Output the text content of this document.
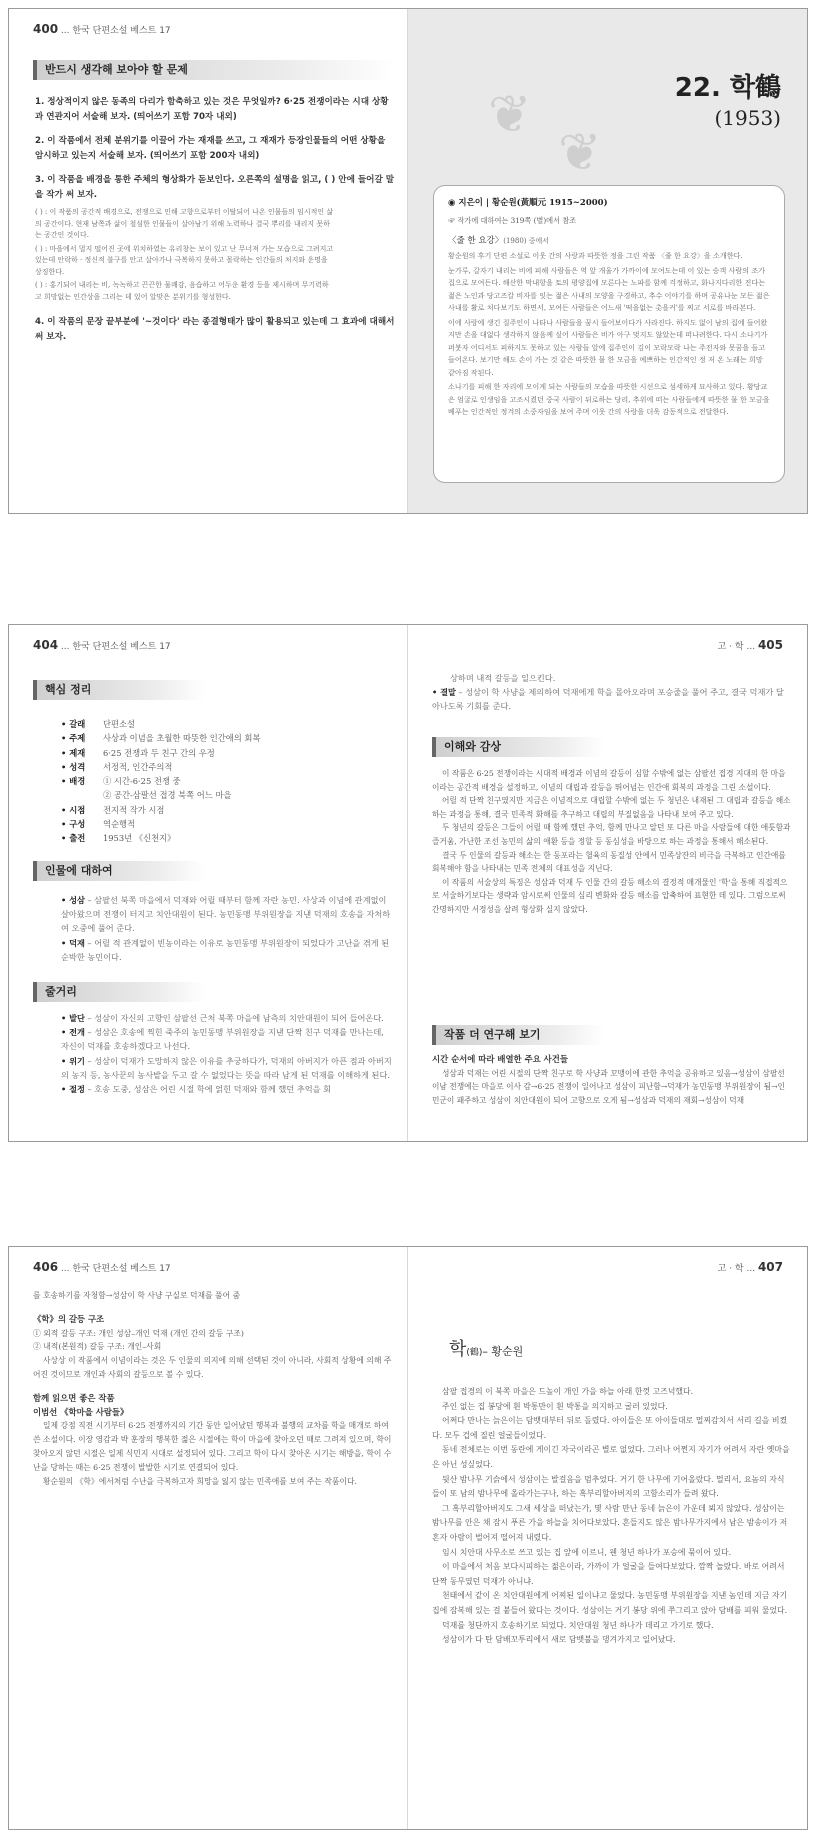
400 ... 한국 단편소설 베스트 17
반드시 생각해 보아야 할 문제
1. 정상적이지 않은 동족의 다리가 함축하고 있는 것은 무엇일까? 6·25 전쟁이라는 시대 상황과 연관지어 서술해 보자. (띄어쓰기 포함 70자 내외)
2. 이 작품에서 전체 분위기를 이끌어 가는 재재를 쓰고, 그 재재가 등장인물들의 어떤 상황을 암시하고 있는지 서술해 보자. (띄어쓰기 포함 200자 내외)
3. 이 작품을 배경을 통한 주체의 형상화가 돋보인다. 오른쪽의 설명을 읽고, ( ) 안에 들어갈 말을 작가 써 보자.
( ) : 이 작품의 공간적 배경으로, 전쟁으로 인해 고향으로부터 이탈되어 나온 인물들의 임시적인 삶의 공간이다. 현재 남쪽과 삶이 철심한 인물들이 살아남기 위해 노력하나 결국 뿌리를 내리지 못하는 공간인 것이다.
( ) : 마을에서 멀지 떨어진 곳에 위치하였는 유리창는 보이 있고 난 무너져 가는 모습으로 그려지고 있는데 안락하 · 정신적 불구를 안고 살아가나 극복하지 못하고 몰락하는 인간들의 처지와 운명을 상징한다.
( ) : 홍기되어 내리는 비, 녹녹하고 끈끈한 물쾌감, 음습하고 어두운 환경 등을 제시하며 무기력하고 희망없는 인간상을 그리는 데 있어 알맞은 분위기를 형성한다.
4. 이 작품의 문장 끝부분에 '~것이다' 라는 종결형태가 많이 활용되고 있는데 그 효과에 대해서 써 보자.
❦
❦
22. 학鶴
(1953)
◉ 지은이 | 황순원(黃順元 1915~2000)
☞ 작가에 대하여는 319쪽 (별)에서 참조
〈줄 한 요강〉(1980) 중에서
황순원의 후기 단편 소설로 이웃 간의 사랑과 따뜻한 정을 그린 작품 〈줄 한 요강〉을 소개한다.
눈가루, 갈자기 내리는 비에 피해 사람들은 역 앞 개울가 가까이에 모여도는데 이 있는 승객 사람의 조가집으로 모여든다. 해산한 막내항을 토의 평양집에 모른다는 노파를 함께 걱정하고, 화나지다리한 진다는 젊은 노인과 당고즈칼 비자를 잇는 젊은 사내의 모양을 구경하고, 추수 이야기를 하며 공유나눈 모든 젊은 사내를 활로 처다보기도 하면서, 모여든 사람들은 어느새 '떡을없는 촛을커'를 찌고 서로를 바라본다.
이에 사랑에 생긴 질주인이 나타나 사람들을 꿈시 들어보이다가 사라진다. 하지도 없이 남의 집에 들어왔지만 손을 대없다 생각하지 않음께 싶어 사람들은 비가 아구 멎지도 않았는데 떠나려한다. 다시 소나기가 퍼붓자 어디서도 피하지도 못하고 있는 사람들 앞에 집주인이 김이 모락모락 나는 주전자와 못꿈을 들고 들어온다. 보기만 해도 손이 가는 것 같은 따뜻한 물 한 모금을 예쁘하는 인간적인 정 저 온 노래는 희망 같아짐 작된다.
소나기를 피해 한 자리에 모이게 되는 사람들의 모습을 따뜻한 시선으로 섬세하게 묘사하고 있다. 황당교은 엄굴로 인생임을 고조시켰던 중국 사람이 뒤로하는 당리, 추위에 떠는 사람들에게 따뜻한 물 한 모금을 베푸는 인간적인 정겨의 소중자임을 보여 주며 이웃 간의 사랑을 더욱 감동적으로 전달한다.
404 ... 한국 단편소설 베스트 17
핵심 정리
• 갈래 단편소설
• 주제 사상과 이념을 초월한 따뜻한 인간애의 회복
• 제재 6·25 전쟁과 두 친구 간의 우정
• 성격 서정적, 인간주의적
• 배경 ① 시간-6·25 전쟁 중
② 공간-삼팔선 접경 북쪽 어느 마을
• 시점 전지적 작가 시점
• 구성 역순행적
• 출전 1953년 《신천지》
인물에 대하여
• 성삼 – 삼팔선 북쪽 마을에서 덕재와 어릴 때부터 함께 자란 농민. 사상과 이념에 관계없이 살아왔으며 전쟁이 터지고 치안대원이 된다. 농민동맹 부위원장을 지낸 덕재의 호송을 자처하여 오중에 풀어 준다.
• 덕재 – 어릴 적 관계없이 빈농이라는 이유로 농민동맹 부위원장이 되었다가 고난을 겪게 된 순박한 농민이다.
줄거리
• 발단 – 성삼이 자신의 고향인 삼팔선 근처 북쪽 마을에 남측의 치안대원이 되어 들어온다.
• 전개 – 성삼은 호송에 찍힌 죽주의 농민동맹 부위원장을 지낸 단짝 친구 덕재를 만나는데, 자신이 덕재를 호송하겠다고 나선다.
• 위기 – 성삼이 덕재가 도망하지 않은 이유를 추궁하다가, 덕재의 아버지가 아픈 점과 아버지의 농지 등, 농사꾼의 농사밭을 두고 갈 수 없었다는 뜻을 따라 남게 된 덕재를 이해하게 된다.
• 절정 – 호송 도중, 성삼은 어린 시절 학에 얽힌 덕재와 함께 했던 추억을 회
고 · 학 ... 405
상하며 내적 갈등을 일으킨다.
• 결말 – 성삼이 학 사냥을 제의하여 덕재에게 학을 몰아오라며 포승줄을 풀어 주고, 결국 덕재가 달아나도록 기회를 준다.
이해와 감상
이 작품은 6·25 전쟁이라는 시대적 배경과 이념의 갈등이 심할 수밖에 없는 삼팔선 접경 지대의 한 마을이라는 공간적 배경을 설정하고, 이념의 대립과 갈등을 뛰어넘는 인간애 회복의 과정을 그린 소설이다.
어릴 적 단짝 친구였지만 지금은 이념적으로 대립할 수밖에 없는 두 청년은 내재된 그 대립과 갈등을 해소하는 과정을 통해, 결국 민족적 화해를 추구하고 대립의 부질없음을 나타내 보여 주고 있다.
두 청년의 갈등은 그들이 어릴 때 함께 했던 추억, 함께 만나고 알던 또 다른 마을 사람들에 대한 애틋함과 즐거움, 가난한 조선 농민의 삶의 애환 등을 정할 등 동심성을 바탕으로 하는 과정을 통해서 해소된다.
결국 두 인물의 갈등과 해소는 한 동포라는 혈육의 동질성 안에서 민족상잔의 비극을 극복하고 인간애를 회복해야 함을 나타내는 민족 전체의 대표성을 지닌다.
이 작품의 서술상의 특징은 성삼과 덕재 두 인물 간의 갈등 해소의 결정적 매개물인 '학'을 통해 직접적으로 서술하기보다는 생략과 암시로써 인물의 심리 변화와 갈등 해소를 압축하여 표현한 데 있다. 그럼으로써 간명하지만 서정성을 살려 형상화 실지 않았다.
작품 더 연구해 보기
시간 순서에 따라 배열한 주요 사건들
성삼과 덕재는 어린 시절의 단짝 친구로 학 사냥과 꼬맹이에 관한 추억을 공유하고 있음→성삼이 삼팔선 이남 전쟁에는 마을로 이사 감→6·25 전쟁이 일어나고 성삼이 피난함→덕재가 농민동맹 부위원장이 됨→인민군이 패주하고 성삼이 치안대원이 되어 고향으로 오게 됨→성삼과 덕재의 재회→성삼이 덕재
406 ... 한국 단편소설 베스트 17
를 호송하기를 자청함→성삼이 학 사냥 구실로 덕재를 풀어 줌
《학》의 갈등 구조
① 외적 갈등 구조: 개인 성삼–개인 덕재 (개인 간의 갈등 구조)
② 내적(본원적) 갈등 구조: 개인–사회
사상상 이 작품에서 이념이라는 것은 두 인물의 의지에 의해 선택된 것이 아니라, 사회적 상황에 의해 주어진 것이므로 개인과 사회의 갈등으로 볼 수 있다.
함께 읽으면 좋은 작품
이범선 《학마을 사람들》
일제 강점 직전 시기부터 6·25 전쟁까지의 기간 동안 일어났던 행복과 불행의 교차를 학을 매개로 하여 쓴 소설이다. 이장 영감과 박 훈장의 행복한 젊은 시절에는 학이 마을에 찾아오던 때로 그려져 있으며, 학이 찾아오지 않던 시절은 일제 식민지 시대로 설정되어 있다. 그리고 학이 다시 찾아온 시기는 해방을, 학이 수난을 당하는 때는 6·25 전쟁이 발발한 시기로 연결되어 있다.
황순원의 《학》에서처럼 수난을 극복하고자 희망을 잃지 않는 민족애를 보여 주는 작품이다.
고 · 학 ... 407
학(鶴)– 황순원
삼팔 접경의 이 북쪽 마을은 드높이 개인 가을 하늘 아래 한껏 고즈넉했다.
주인 없는 집 봉당에 흰 박통만이 흰 박통을 의지하고 굴러 있었다.
어쩌다 만나는 늙은이는 담뱃대부터 뒤로 돌렸다. 아이들은 또 아이들대로 멀찌감치서 서리 길을 비켰다. 모두 겁에 질린 얼굴들이었다.
동네 전체로는 이번 동란에 게이긴 자국이라곤 별로 없었다. 그러나 어쩐지 자기가 어려서 자란 옛마을은 아닌 성싶었다.
뒷산 밤나무 기슭에서 성삼이는 발걸음을 멈추었다. 거기 한 나무에 기어올랐다. 멀리서, 요놈의 자식들이 또 남의 밤나무에 올라가는구나, 하는 혹부리할아버지의 고함소리가 들려 왔다.
그 혹부리할아버지도 그새 세상을 떠났는가, 몇 사람 만난 동네 늙은이 가운데 뵈지 않았다. 성삼이는 밤나무를 안은 채 잠시 푸른 가을 하늘을 치어다보았다. 흔들지도 않은 밤나무가지에서 남은 밤송이가 저 혼자 아람이 벌어져 떨어져 내렸다.
임시 치안대 사무소로 쓰고 있는 집 앞에 이르니, 웬 청년 하나가 포승에 묶이어 있다.
이 마을에서 처음 보다시피하는 젊은이라, 가까이 가 얼굴을 들여다보았다. 깜짝 놀랐다. 바로 어려서 단짝 동무였던 덕재가 아니냐.
천태에서 같이 온 치안대원에게 어찌된 일이냐고 물었다. 농민동맹 부위원장을 지낸 놈인데 지금 자기 집에 잠복해 있는 걸 붙들어 왔다는 것이다. 성삼이는 거기 봉당 위에 쭈그리고 앉아 담배를 피워 물었다.
덕재를 청단까지 호송하기로 되었다. 치안대원 청년 하나가 데리고 가기로 했다.
성삼이가 다 탄 담배꼬투리에서 새로 담뱃불을 댕겨가지고 일어났다.
